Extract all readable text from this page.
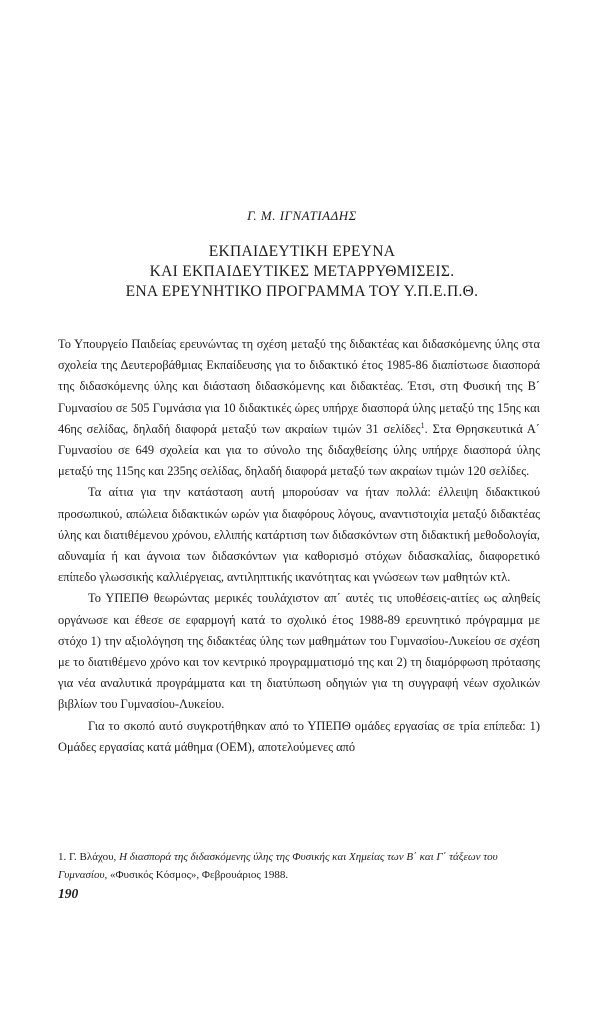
Γ. Μ. ΙΓΝΑΤΙΑΔΗΣ
ΕΚΠΑΙΔΕΥΤΙΚΗ ΕΡΕΥΝΑ
ΚΑΙ ΕΚΠΑΙΔΕΥΤΙΚΕΣ ΜΕΤΑΡΡΥΘΜΙΣΕΙΣ.
ΕΝΑ ΕΡΕΥΝΗΤΙΚΟ ΠΡΟΓΡΑΜΜΑ ΤΟΥ Υ.Π.Ε.Π.Θ.

Το Υπουργείο Παιδείας ερευνώντας τη σχέση μεταξύ της διδακτέας και διδασκόμενης ύλης στα σχολεία της Δευτεροβάθμιας Εκπαίδευσης για το διδακτικό έτος 1985-86 διαπίστωσε διασπορά της διδασκόμενης ύλης και διάσταση διδασκόμενης και διδακτέας. Έτσι, στη Φυσική της Β΄ Γυμνασίου σε 505 Γυμνάσια για 10 διδακτικές ώρες υπήρχε διασπορά ύλης μεταξύ της 15ης και 46ης σελίδας, δηλαδή διαφορά μεταξύ των ακραίων τιμών 31 σελίδες$^1$. Στα Θρησκευτικά Α΄ Γυμνασίου σε 649 σχολεία και για το σύνολο της διδαχθείσης ύλης υπήρχε διασπορά ύλης μεταξύ της 115ης και 235ης σελίδας, δηλαδή διαφορά μεταξύ των ακραίων τιμών 120 σελίδες.

Τα αίτια για την κατάσταση αυτή μπορούσαν να ήταν πολλά: έλλειψη διδακτικού προσωπικού, απώλεια διδακτικών ωρών για διαφόρους λόγους, αναντιστοιχία μεταξύ διδακτέας ύλης και διατιθέμενου χρόνου, ελλιπής κατάρτιση των διδασκόντων στη διδακτική μεθοδολογία, αδυναμία ή και άγνοια των διδασκόντων για καθορισμό στόχων διδασκαλίας, διαφορετικό επίπεδο γλωσσικής καλλιέργειας, αντιληπτικής ικανότητας και γνώσεων των μαθητών κτλ.

Το ΥΠΕΠΘ θεωρώντας μερικές τουλάχιστον απ΄ αυτές τις υποθέσεις-αιτίες ως αληθείς οργάνωσε και έθεσε σε εφαρμογή κατά το σχολικό έτος 1988-89 ερευνητικό πρόγραμμα με στόχο 1) την αξιολόγηση της διδακτέας ύλης των μαθημάτων του Γυμνασίου-Λυκείου σε σχέση με το διατιθέμενο χρόνο και τον κεντρικό προγραμματισμό της και 2) τη διαμόρφωση πρότασης για νέα αναλυτικά προγράμματα και τη διατύπωση οδηγιών για τη συγγραφή νέων σχολικών βιβλίων του Γυμνασίου-Λυκείου.

Για το σκοπό αυτό συγκροτήθηκαν από το ΥΠΕΠΘ ομάδες εργασίας σε τρία επίπεδα: 1) Ομάδες εργασίας κατά μάθημα (ΟΕΜ), αποτελούμενες από

1. Γ. Βλάχου, Η διασπορά της διδασκόμενης ύλης της Φυσικής και Χημείας των Β΄ και Γ΄ τάξεων του Γυμνασίου, «Φυσικός Κόσμος», Φεβρουάριος 1988.
190
